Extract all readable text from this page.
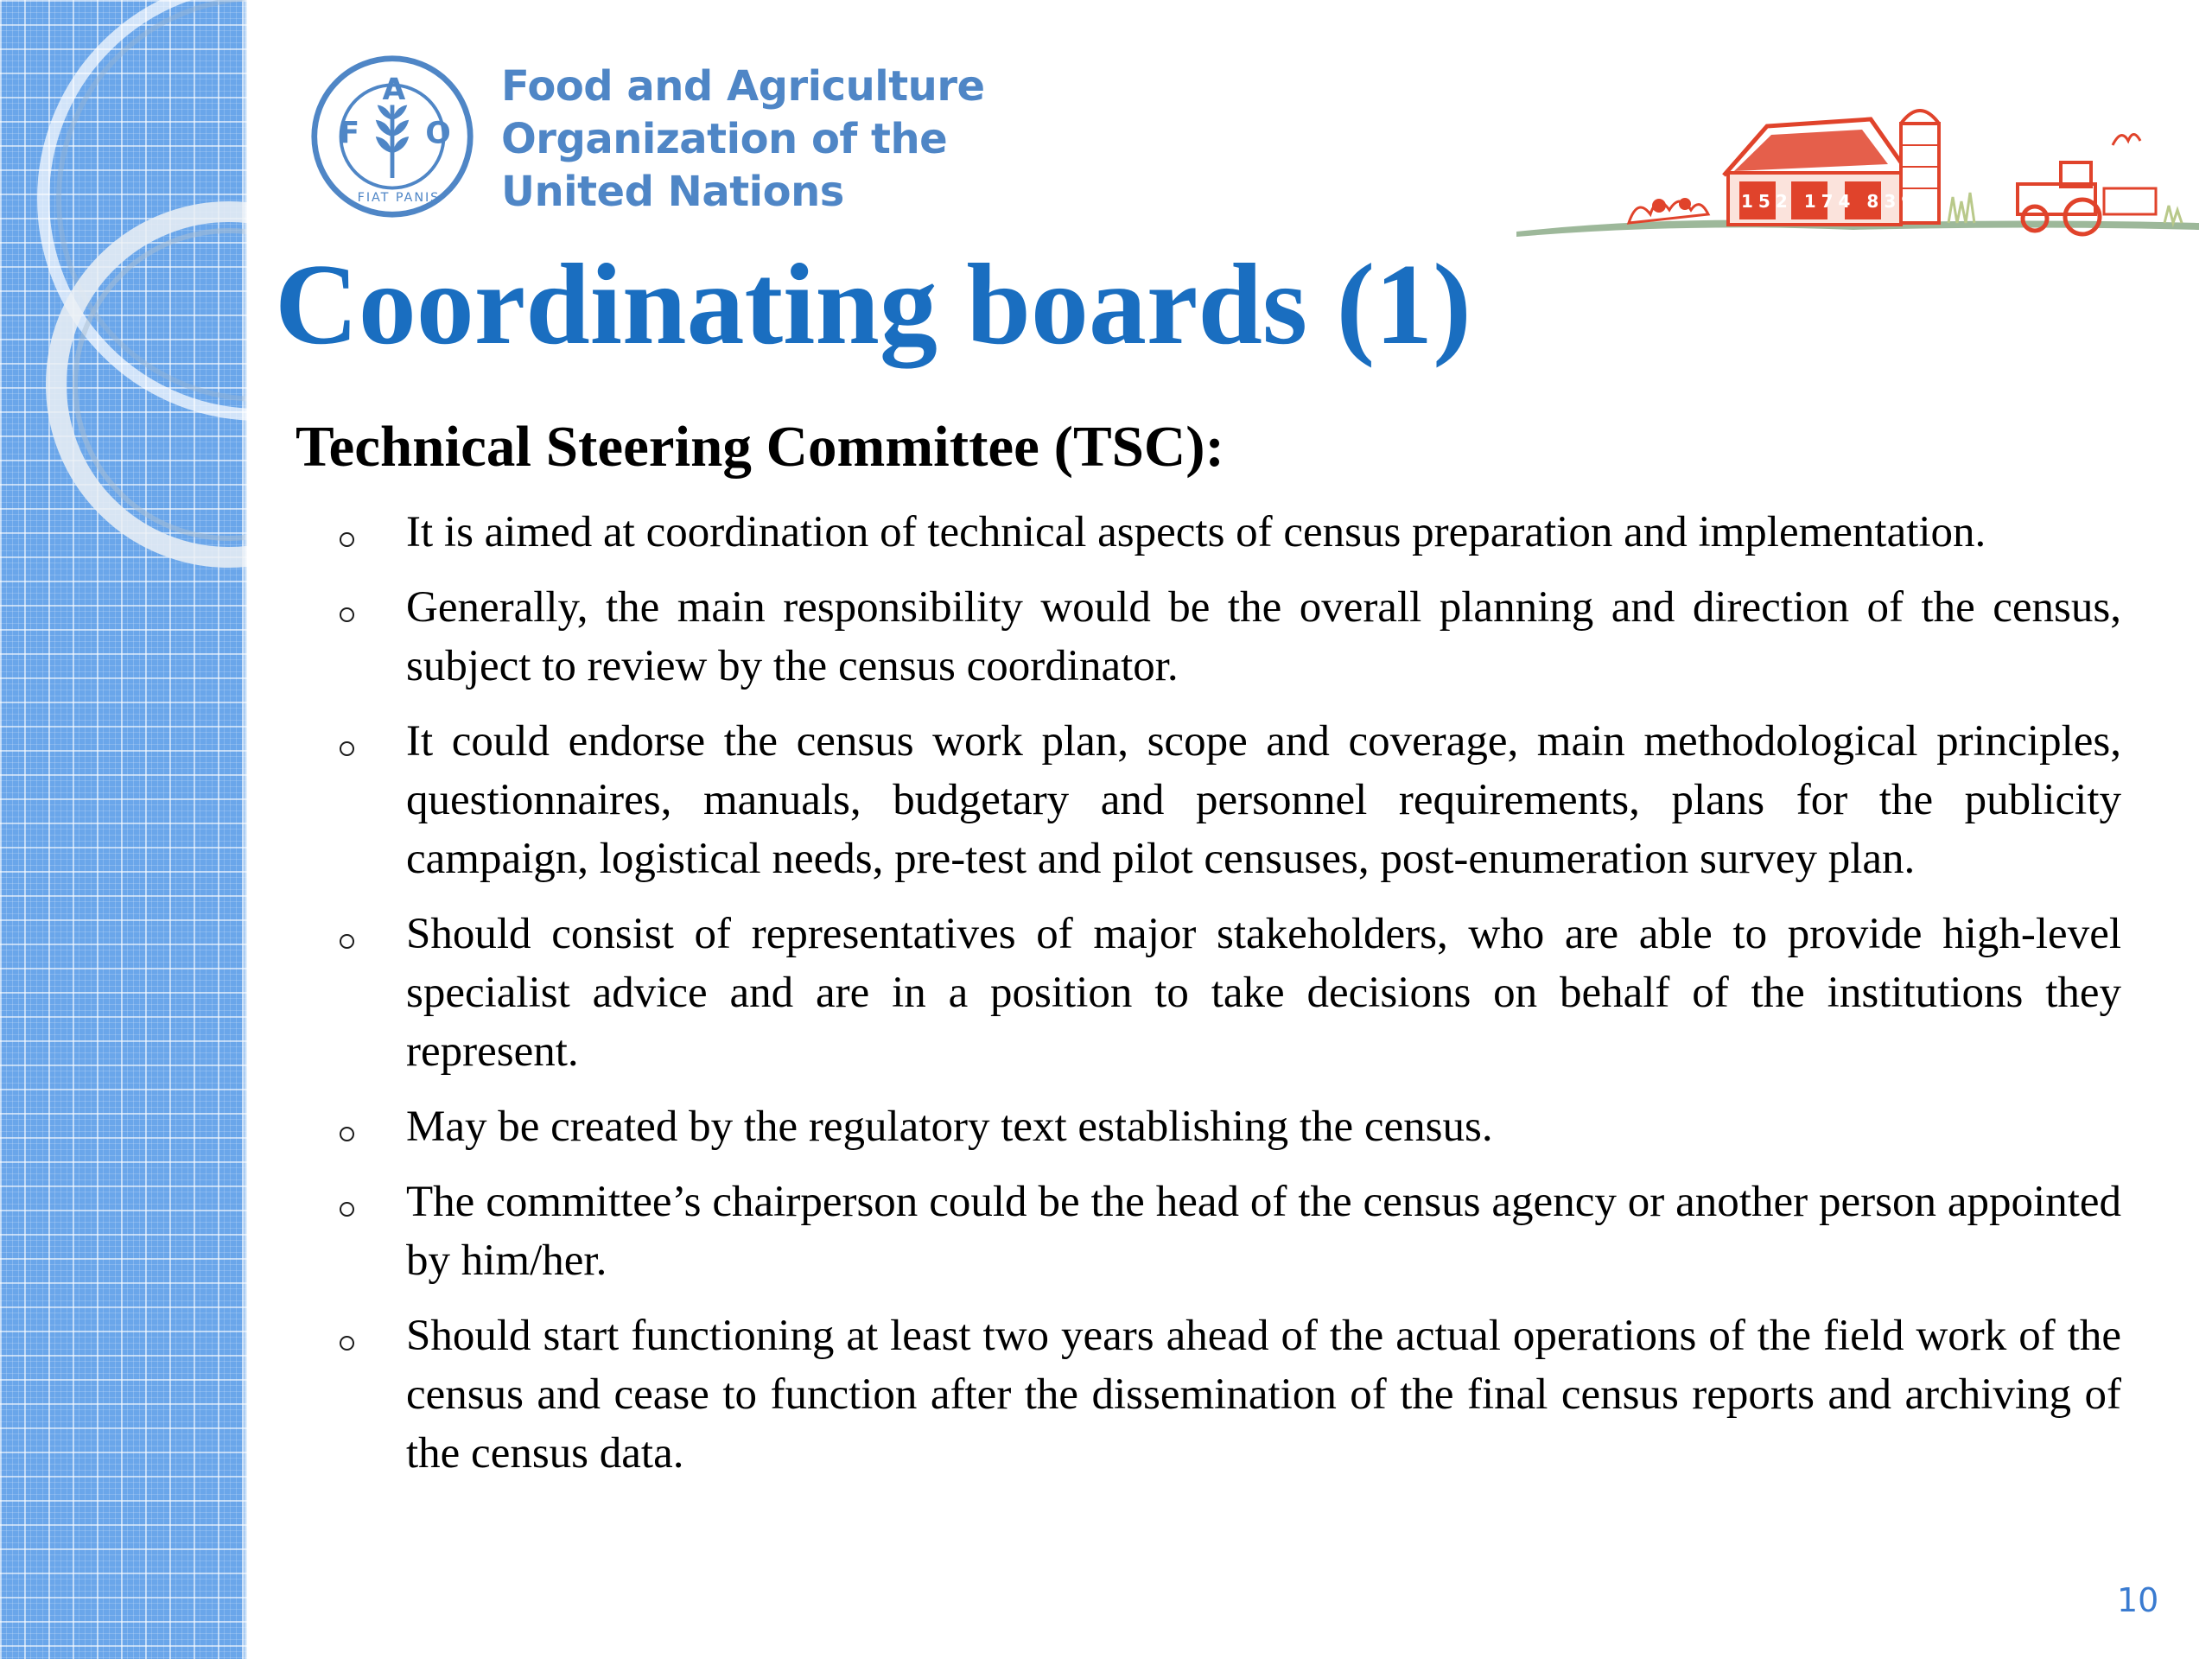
F
A
O
FIAT PANIS
Food and Agriculture
Organization of the
United Nations	152 174 839
Coordinating boards (1)
Technical Steering Committee (TSC):
It is aimed at coordination of technical aspects of census preparation and implementation.
Generally, the main responsibility would be the overall planning and direction of the census, subject to review by the census coordinator.
It could endorse the census work plan, scope and coverage, main methodological principles, questionnaires, manuals, budgetary and personnel requirements, plans for the publicity campaign, logistical needs, pre-test and pilot censuses, post-enumeration survey plan.
Should consist of representatives of major stakeholders, who are able to provide high-level specialist advice and are in a position to take decisions on behalf of the institutions they represent.
May be created by the regulatory text establishing the census.
The committee’s chairperson could be the head of the census agency or another person appointed by him/her.
Should start functioning at least two years ahead of the actual operations of the field work of the census and cease to function after the dissemination of the final census reports and archiving of the census data.
10
